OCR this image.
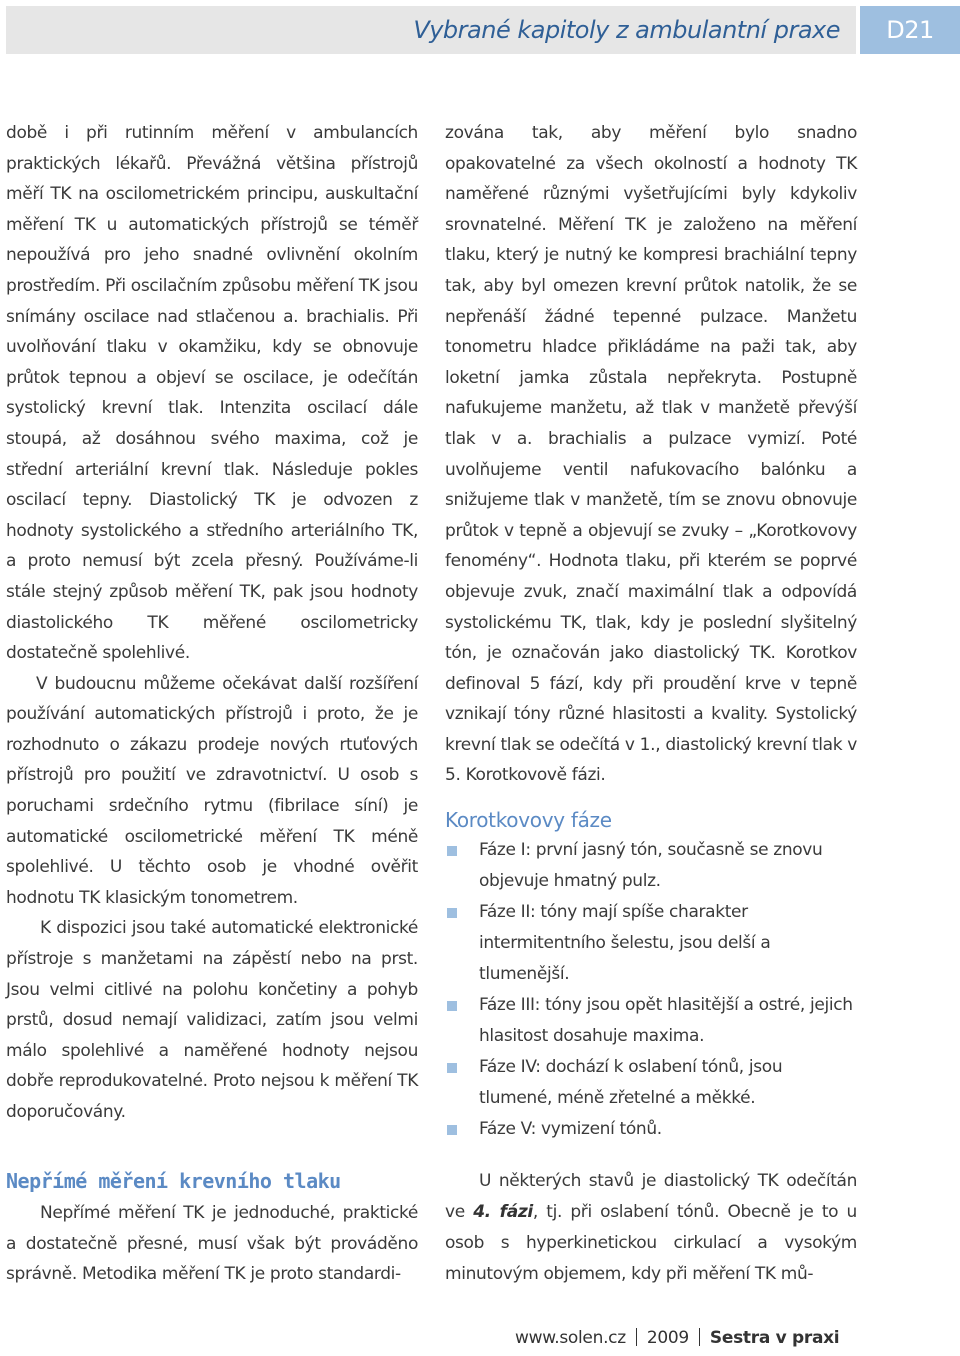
Vybrané kapitoly z ambulantní praxe	D21

době i při rutinním měření v ambulancích praktických lékařů. Převážná většina přístrojů měří TK na oscilometrickém principu, auskultační měření TK u automatických přístrojů se téměř nepoužívá pro jeho snadné ovlivnění okolním prostředím. Při oscilačním způsobu měření TK jsou snímány oscilace nad stlačenou a. brachialis. Při uvolňování tlaku v okamžiku, kdy se obnovuje průtok tepnou a objeví se oscilace, je odečítán systolický krevní tlak. Intenzita oscilací dále stoupá, až dosáhnou svého maxima, což je střední arteriální krevní tlak. Následuje pokles oscilací tepny. Diastolický TK je odvozen z hodnoty systolického a středního arteriálního TK, a proto nemusí být zcela přesný. Používáme-li stále stejný způsob měření TK, pak jsou hodnoty diastolického TK měřené oscilometricky dostatečně spolehlivé.

V budoucnu můžeme očekávat další rozšíření používání automatických přístrojů i proto, že je rozhodnuto o zákazu prodeje nových rtuťových přístrojů pro použití ve zdravotnictví. U osob s poruchami srdečního rytmu (fibrilace síní) je automatické oscilometrické měření TK méně spolehlivé. U těchto osob je vhodné ověřit hodnotu TK klasickým tonometrem.

K dispozici jsou také automatické elektronické přístroje s manžetami na zápěstí nebo na prst. Jsou velmi citlivé na polohu končetiny a pohyb prstů, dosud nemají validizaci, zatím jsou velmi málo spolehlivé a naměřené hodnoty nejsou dobře reprodukovatelné. Proto nejsou k měření TK doporučovány.

Nepřímé měření krevního tlaku

Nepřímé měření TK je jednoduché, praktické a dostatečně přesné, musí však být prováděno správně. Metodika měření TK je proto standardi-

zována tak, aby měření bylo snadno opakovatelné za všech okolností a hodnoty TK naměřené různými vyšetřujícími byly kdykoliv srovnatelné. Měření TK je založeno na měření tlaku, který je nutný ke kompresi brachiální tepny tak, aby byl omezen krevní průtok natolik, že se nepřenáší žádné tepenné pulzace. Manžetu tonometru hladce přikládáme na paži tak, aby loketní jamka zůstala nepřekryta. Postupně nafukujeme manžetu, až tlak v manžetě převýší tlak v a. brachialis a pulzace vymizí. Poté uvolňujeme ventil nafukovacího balónku a snižujeme tlak v manžetě, tím se znovu obnovuje průtok v tepně a objevují se zvuky – „Korotkovovy fenomény“. Hodnota tlaku, při kterém se poprvé objevuje zvuk, značí maximální tlak a odpovídá systolickému TK, tlak, kdy je poslední slyšitelný tón, je označován jako diastolický TK. Korotkov definoval 5 fází, kdy při proudění krve v tepně vznikají tóny různé hlasitosti a kvality. Systolický krevní tlak se odečítá v 1., diastolický krevní tlak v 5. Korotkovově fázi.

Korotkovovy fáze
Fáze I: první jasný tón, současně se znovu objevuje hmatný pulz.
Fáze II: tóny mají spíše charakter intermitentního šelestu, jsou delší a tlumenější.
Fáze III: tóny jsou opět hlasitější a ostré, jejich hlasitost dosahuje maxima.
Fáze IV: dochází k oslabení tónů, jsou tlumené, méně zřetelné a měkké.
Fáze V: vymizení tónů.

U některých stavů je diastolický TK odečítán ve 4. fázi, tj. při oslabení tónů. Obecně je to u osob s hyperkinetickou cirkulací a vysokým minutovým objemem, kdy při měření TK mů-

www.solen.cz 2009 Sestra v praxi
